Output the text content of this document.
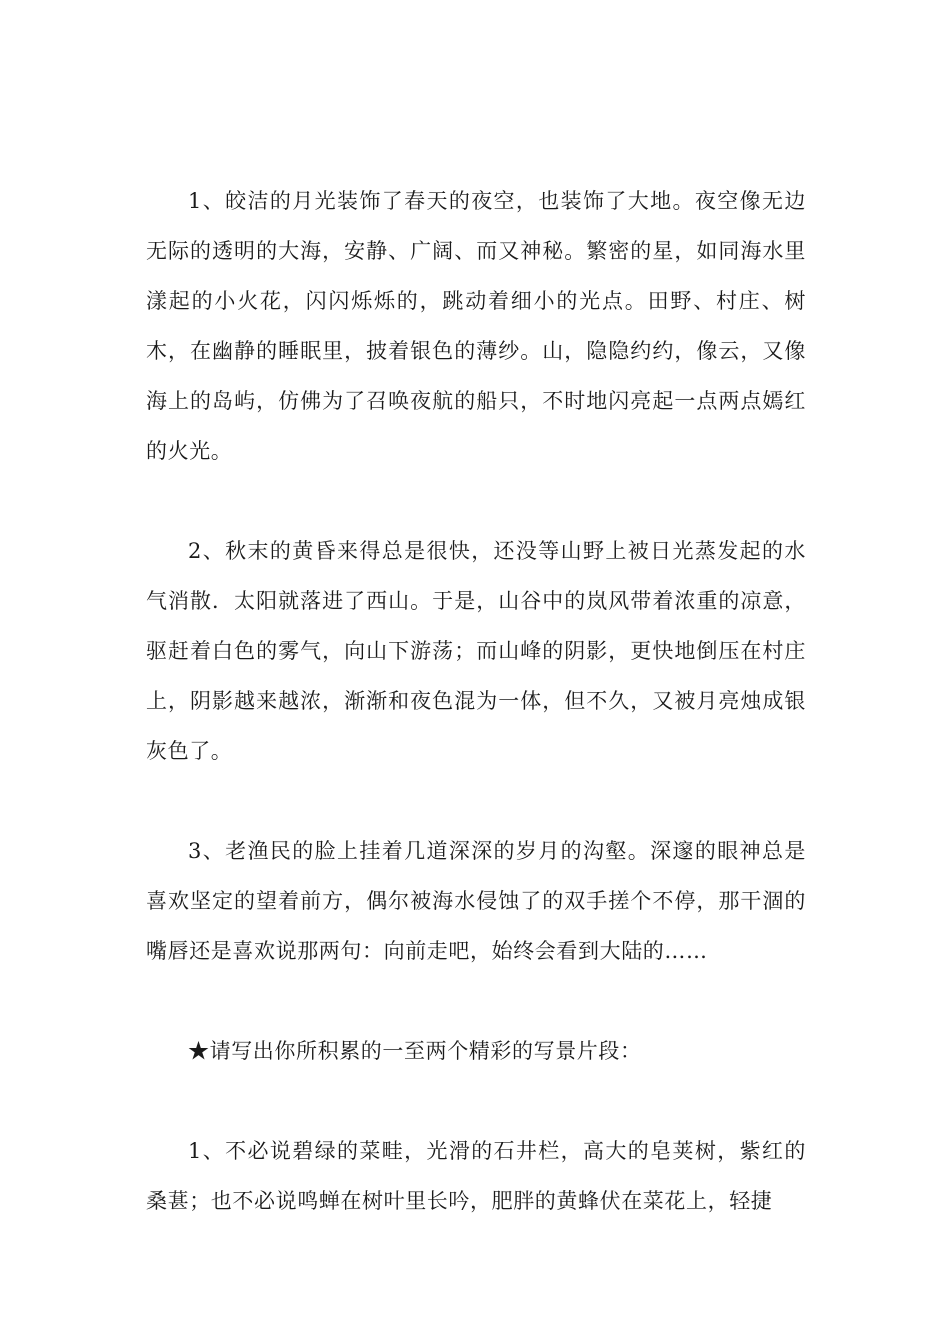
1、皎洁的月光装饰了春天的夜空，也装饰了大地。夜空像无边无际的透明的大海，安静、广阔、而又神秘。繁密的星，如同海水里漾起的小火花，闪闪烁烁的，跳动着细小的光点。田野、村庄、树木，在幽静的睡眠里，披着银色的薄纱。山，隐隐约约，像云，又像海上的岛屿，仿佛为了召唤夜航的船只，不时地闪亮起一点两点嫣红的火光。

2、秋末的黄昏来得总是很快，还没等山野上被日光蒸发起的水气消散．太阳就落进了西山。于是，山谷中的岚风带着浓重的凉意，驱赶着白色的雾气，向山下游荡；而山峰的阴影，更快地倒压在村庄上，阴影越来越浓，渐渐和夜色混为一体，但不久，又被月亮烛成银灰色了。

3、老渔民的脸上挂着几道深深的岁月的沟壑。深邃的眼神总是喜欢坚定的望着前方，偶尔被海水侵蚀了的双手搓个不停，那干涸的嘴唇还是喜欢说那两句：向前走吧，始终会看到大陆的……

★请写出你所积累的一至两个精彩的写景片段：

1、不必说碧绿的菜畦，光滑的石井栏，高大的皂荚树，紫红的桑葚；也不必说鸣蝉在树叶里长吟，肥胖的黄蜂伏在菜花上，轻捷
